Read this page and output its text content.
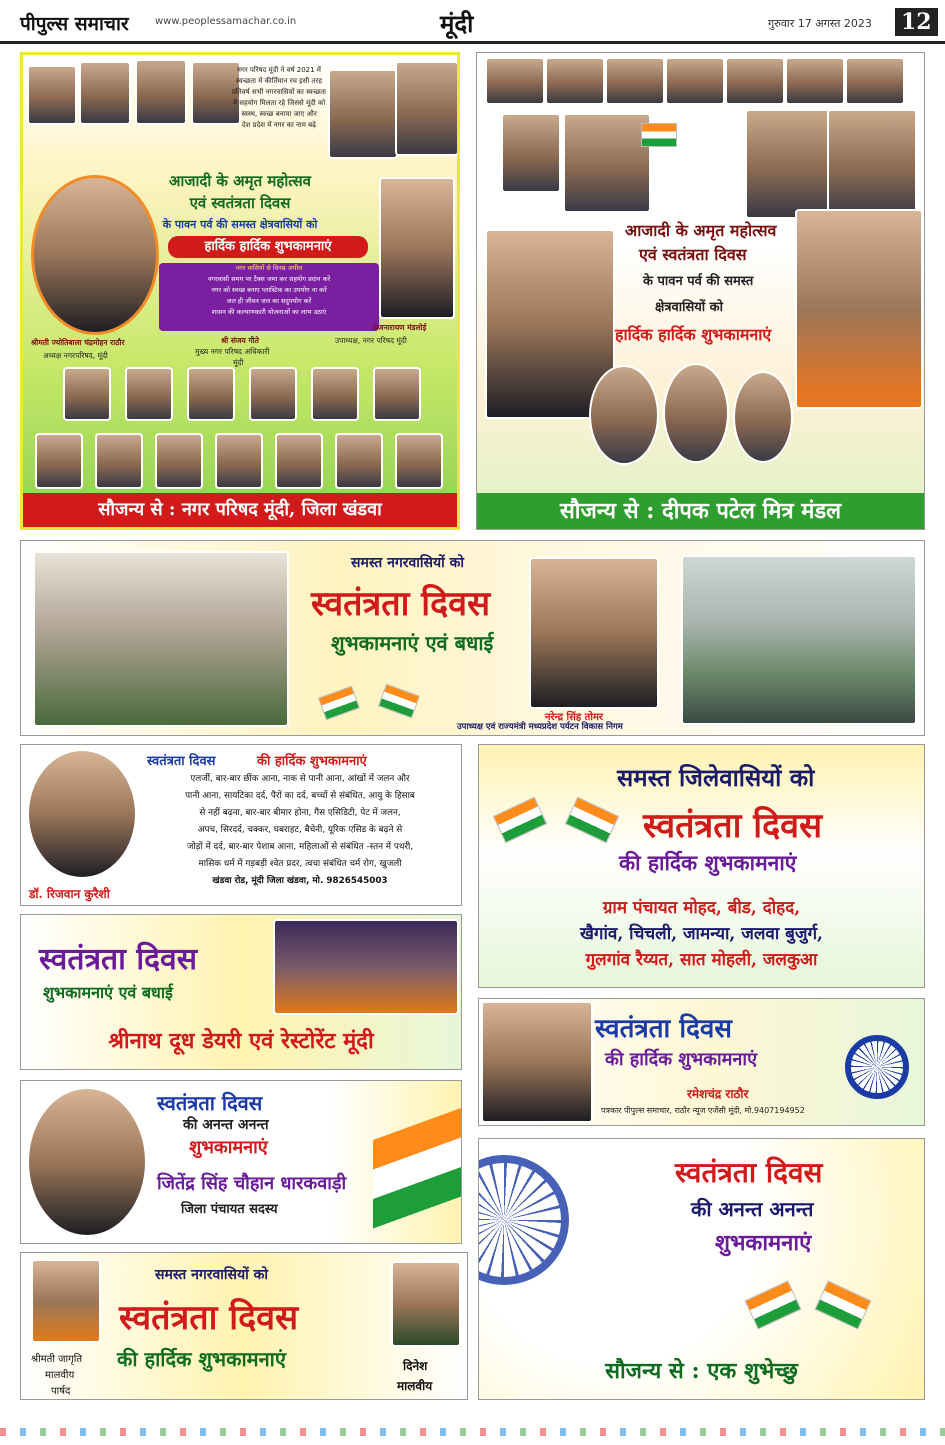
पीपुल्स समाचार	www.peoplessamachar.co.in	मूंदी	गुरुवार 17 अगस्त 2023 12
नगर परिषद मूंदी ने वर्ष 2021 में
स्वच्छता में कीर्तिमान रच इसी तरह
प्रतिवर्ष सभी नगरवासियों का स्वच्छता
में सहयोग मिलता रहे जिससे मूंदी को
स्वस्थ, स्वच्छ बनाया जाए और
देश प्रदेश में नगर का नाम बढ़े
आजादी के अमृत महोत्सव
एवं स्वतंत्रता दिवस
के पावन पर्व की समस्त क्षेत्रवासियों को
हार्दिक हार्दिक शुभकामनाएं
नगर वासियों से विनम्र अपील
नगरवासी समय पर टैक्स जमा कर सहयोग प्रदान करें
नगर को स्वच्छ बनाए प्लास्टिक का उपयोग ना करें
जल ही जीवन जल का सदुपयोग करें
शासन की कल्याणकारी योजनाओं का लाभ उठाएं
श्रीमती ज्योतिबाला चंद्रमोहन राठौर
अध्यक्ष नगरपरिषद, मूंदी
श्री संजय गीते
मुख्य नगर परिषद अधिकारी
मूंदी
राजनारायण मंडलोई
उपाध्यक्ष, नगर परिषद मूंदी
सौजन्य से : नगर परिषद मूंदी, जिला खंडवा
आजादी के अमृत महोत्सव
एवं स्वतंत्रता दिवस
के पावन पर्व की समस्त
क्षेत्रवासियों को
हार्दिक हार्दिक शुभकामनाएं
सौजन्य से : दीपक पटेल मित्र मंडल
समस्त नगरवासियों को
स्वतंत्रता दिवस
शुभकामनाएं एवं बधाई
नरेन्द्र सिंह तोमर
उपाध्यक्ष एवं राज्यमंत्री मध्यप्रदेश पर्यटन विकास निगम
डॉ. रिजवान कुरैशी
स्वतंत्रता दिवस	की हार्दिक शुभकामनाएं
एलर्जी, बार-बार छींक आना, नाक से पानी आना, आंखों में जलन और
पानी आना, सायटिका दर्द, पैरों का दर्द, बच्चों से संबंधित, आयु के हिसाब
से नहीं बढ़ना, बार-बार बीमार होना, गैस एसिडिटी, पेट में जलन,
अपच, सिरदर्द, चक्कर, घबराहट, बैचेनी, यूरिक एसिड के बढ़ने से
जोड़ों में दर्द, बार-बार पेशाब आना, महिलाओं से संबंधित -स्तन में पथरी,
मासिक धर्म में गड़बड़ी श्वेत प्रदर, त्वचा संबंधित चर्म रोग, खुजली
खंडवा रोड, मूंदी जिला खंडवा, मो. 9826545003
समस्त जिलेवासियों को
स्वतंत्रता दिवस
की हार्दिक शुभकामनाएं
ग्राम पंचायत मोहद, बीड, दोहद,
खैगांव, चिचली, जामन्या, जलवा बुजुर्ग,
गुलगांव रैय्यत, सात मोहली, जलकुआ
स्वतंत्रता दिवस
शुभकामनाएं एवं बधाई
श्रीनाथ दूध डेयरी एवं रेस्टोरेंट मूंदी	स्वतंत्रता दिवस
की हार्दिक शुभकामनाएं
रमेशचंद्र राठौर
पत्रकार पीपुल्स समाचार, राठौर न्यूज एजेंसी मूंदी, मो.9407194952
स्वतंत्रता दिवस
की अनन्त अनन्त
शुभकामनाएं
जितेंद्र सिंह चौहान धारकवाड़ी
जिला पंचायत सदस्य
स्वतंत्रता दिवस
की अनन्त अनन्त
शुभकामनाएं
सौजन्य से : एक शुभेच्छु
श्रीमती जागृति
मालवीय
पार्षद
समस्त नगरवासियों को
स्वतंत्रता दिवस
की हार्दिक शुभकामनाएं	दिनेश
मालवीय
